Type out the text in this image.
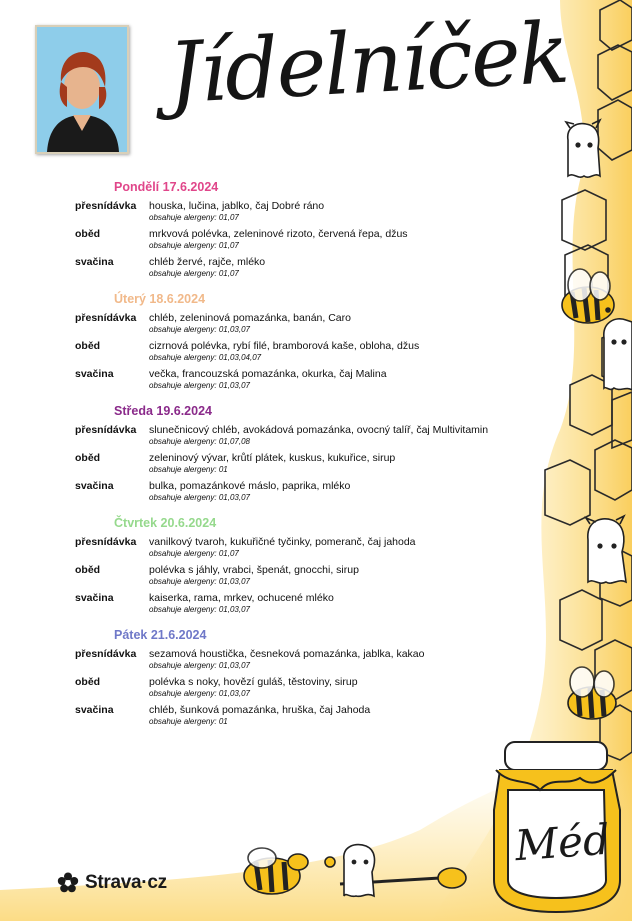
Jídelníček
Pondělí 17.6.2024
přesnídávka houska, lučina, jablko, čaj Dobré ráno
obsahuje alergeny: 01,07
oběd	mrkvová polévka, zeleninové rizoto, červená řepa, džus
obsahuje alergeny: 01,07
svačina	chléb žervé, rajče, mléko
obsahuje alergeny: 01,07
Úterý 18.6.2024
přesnídávka chléb, zeleninová pomazánka, banán, Caro
obsahuje alergeny: 01,03,07
oběd	cizrnová polévka, rybí filé, bramborová kaše, obloha, džus
obsahuje alergeny: 01,03,04,07
svačina	večka, francouzská pomazánka, okurka, čaj Malina
obsahuje alergeny: 01,03,07
Středa 19.6.2024
přesnídávka slunečnicový chléb, avokádová pomazánka, ovocný talíř, čaj Multivitamin
obsahuje alergeny: 01,07,08
oběd	zeleninový vývar, krůtí plátek, kuskus, kukuřice, sirup
obsahuje alergeny: 01
svačina	bulka, pomazánkové máslo, paprika, mléko
obsahuje alergeny: 01,03,07
Čtvrtek 20.6.2024
přesnídávka vanilkový tvaroh, kukuřičné tyčinky, pomeranč, čaj jahoda
obsahuje alergeny: 01,07
oběd	polévka s jáhly, vrabci, špenát, gnocchi, sirup
obsahuje alergeny: 01,03,07
svačina	kaiserka, rama, mrkev, ochucené mléko
obsahuje alergeny: 01,03,07
Pátek 21.6.2024
přesnídávka sezamová houstička, česneková pomazánka, jablka, kakao
obsahuje alergeny: 01,03,07
oběd	polévka s noky, hovězí guláš, těstoviny, sirup
obsahuje alergeny: 01,03,07
svačina	chléb, šunková pomazánka, hruška, čaj Jahoda
obsahuje alergeny: 01
Méd
Strava·cz
